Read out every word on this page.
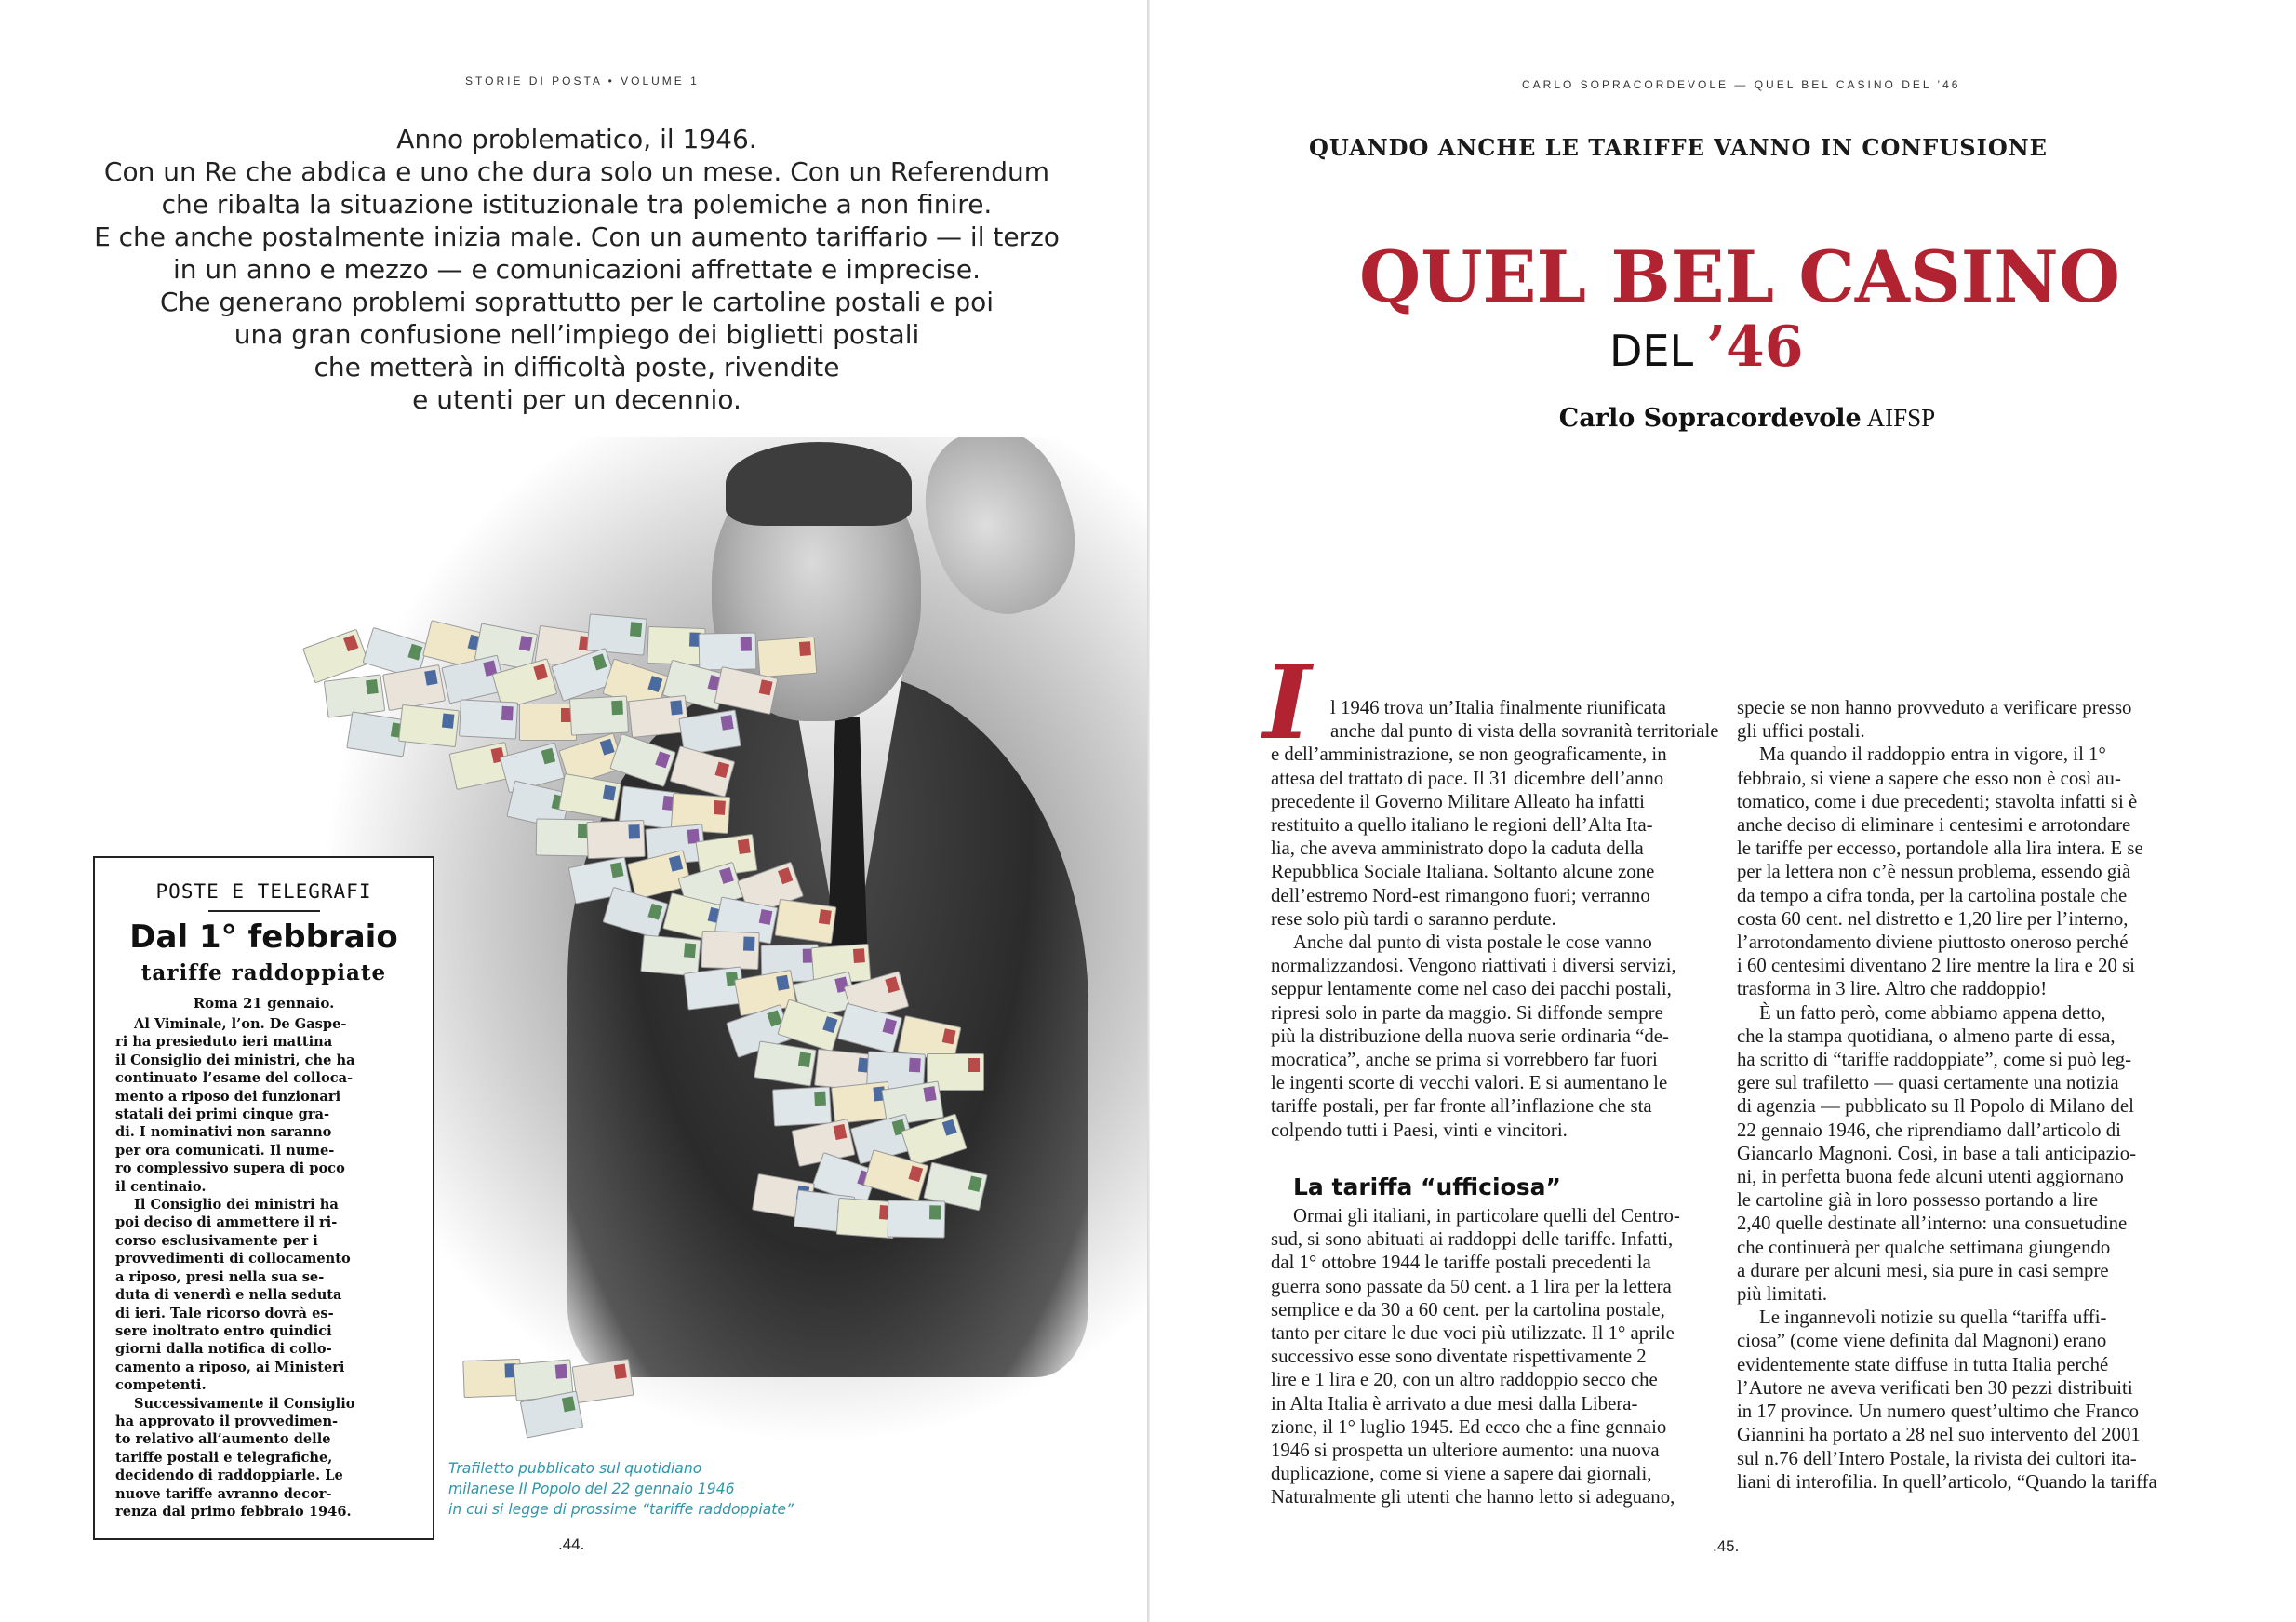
STORIE DI POSTA • VOLUME 1
Anno problematico, il 1946.
Con un Re che abdica e uno che dura solo un mese. Con un Referendum
che ribalta la situazione istituzionale tra polemiche a non finire.
E che anche postalmente inizia male. Con un aumento tariffario — il terzo
in un anno e mezzo — e comunicazioni affrettate e imprecise.
Che generano problemi soprattutto per le cartoline postali e poi
una gran confusione nell’impiego dei biglietti postali
che metterà in difficoltà poste, rivendite
e utenti per un decennio.
POSTE E TELEGRAFI
Dal 1° febbraio
tariffe raddoppiate
Roma 21 gennaio.
Al Viminale, l’on. De Gaspe-
ri ha presieduto ieri mattina
il Consiglio dei ministri, che ha
continuato l’esame del colloca-
mento a riposo dei funzionari
statali dei primi cinque gra-
di. I nominativi non saranno
per ora comunicati. Il nume-
ro complessivo supera di poco
il centinaio.
Il Consiglio dei ministri ha
poi deciso di ammettere il ri-
corso esclusivamente per i
provvedimenti di collocamento
a riposo, presi nella sua se-
duta di venerdì e nella seduta
di ieri. Tale ricorso dovrà es-
sere inoltrato entro quindici
giorni dalla notifica di collo-
camento a riposo, ai Ministeri
competenti.
Successivamente il Consiglio
ha approvato il provvedimen-
to relativo all’aumento delle
tariffe postali e telegrafiche,
decidendo di raddoppiarle. Le
nuove tariffe avranno decor-
renza dal primo febbraio 1946.
Trafiletto pubblicato sul quotidiano
milanese Il Popolo del 22 gennaio 1946
in cui si legge di prossime “tariffe raddoppiate”
.44.
CARLO SOPRACORDEVOLE — QUEL BEL CASINO DEL ’46
QUANDO ANCHE LE TARIFFE VANNO IN CONFUSIONE
QUEL BEL CASINO
DEL ’46
Carlo Sopracordevole AIFSP
I l 1946 trova un’Italia finalmente riunificata
anche dal punto di vista della sovranità territoriale
e dell’amministrazione, se non geograficamente, in
attesa del trattato di pace. Il 31 dicembre dell’anno
precedente il Governo Militare Alleato ha infatti
restituito a quello italiano le regioni dell’Alta Ita-
lia, che aveva amministrato dopo la caduta della
Repubblica Sociale Italiana. Soltanto alcune zone
dell’estremo Nord-est rimangono fuori; verranno
rese solo più tardi o saranno perdute.
Anche dal punto di vista postale le cose vanno
normalizzandosi. Vengono riattivati i diversi servizi,
seppur lentamente come nel caso dei pacchi postali,
ripresi solo in parte da maggio. Si diffonde sempre
più la distribuzione della nuova serie ordinaria “de-
mocratica”, anche se prima si vorrebbero far fuori
le ingenti scorte di vecchi valori. E si aumentano le
tariffe postali, per far fronte all’inflazione che sta
colpendo tutti i Paesi, vinti e vincitori.
La tariffa “ufficiosa”
Ormai gli italiani, in particolare quelli del Centro-
sud, si sono abituati ai raddoppi delle tariffe. Infatti,
dal 1° ottobre 1944 le tariffe postali precedenti la
guerra sono passate da 50 cent. a 1 lira per la lettera
semplice e da 30 a 60 cent. per la cartolina postale,
tanto per citare le due voci più utilizzate. Il 1° aprile
successivo esse sono diventate rispettivamente 2
lire e 1 lira e 20, con un altro raddoppio secco che
in Alta Italia è arrivato a due mesi dalla Libera-
zione, il 1° luglio 1945. Ed ecco che a fine gennaio
1946 si prospetta un ulteriore aumento: una nuova
duplicazione, come si viene a sapere dai giornali,
Naturalmente gli utenti che hanno letto si adeguano,
specie se non hanno provveduto a verificare presso
gli uffici postali.
Ma quando il raddoppio entra in vigore, il 1°
febbraio, si viene a sapere che esso non è così au-
tomatico, come i due precedenti; stavolta infatti si è
anche deciso di eliminare i centesimi e arrotondare
le tariffe per eccesso, portandole alla lira intera. E se
per la lettera non c’è nessun problema, essendo già
da tempo a cifra tonda, per la cartolina postale che
costa 60 cent. nel distretto e 1,20 lire per l’interno,
l’arrotondamento diviene piuttosto oneroso perché
i 60 centesimi diventano 2 lire mentre la lira e 20 si
trasforma in 3 lire. Altro che raddoppio!
È un fatto però, come abbiamo appena detto,
che la stampa quotidiana, o almeno parte di essa,
ha scritto di “tariffe raddoppiate”, come si può leg-
gere sul trafiletto — quasi certamente una notizia
di agenzia — pubblicato su Il Popolo di Milano del
22 gennaio 1946, che riprendiamo dall’articolo di
Giancarlo Magnoni. Così, in base a tali anticipazio-
ni, in perfetta buona fede alcuni utenti aggiornano
le cartoline già in loro possesso portando a lire
2,40 quelle destinate all’interno: una consuetudine
che continuerà per qualche settimana giungendo
a durare per alcuni mesi, sia pure in casi sempre
più limitati.
Le ingannevoli notizie su quella “tariffa uffi-
ciosa” (come viene definita dal Magnoni) erano
evidentemente state diffuse in tutta Italia perché
l’Autore ne aveva verificati ben 30 pezzi distribuiti
in 17 province. Un numero quest’ultimo che Franco
Giannini ha portato a 28 nel suo intervento del 2001
sul n.76 dell’Intero Postale, la rivista dei cultori ita-
liani di interofilia. In quell’articolo, “Quando la tariffa
.45.
